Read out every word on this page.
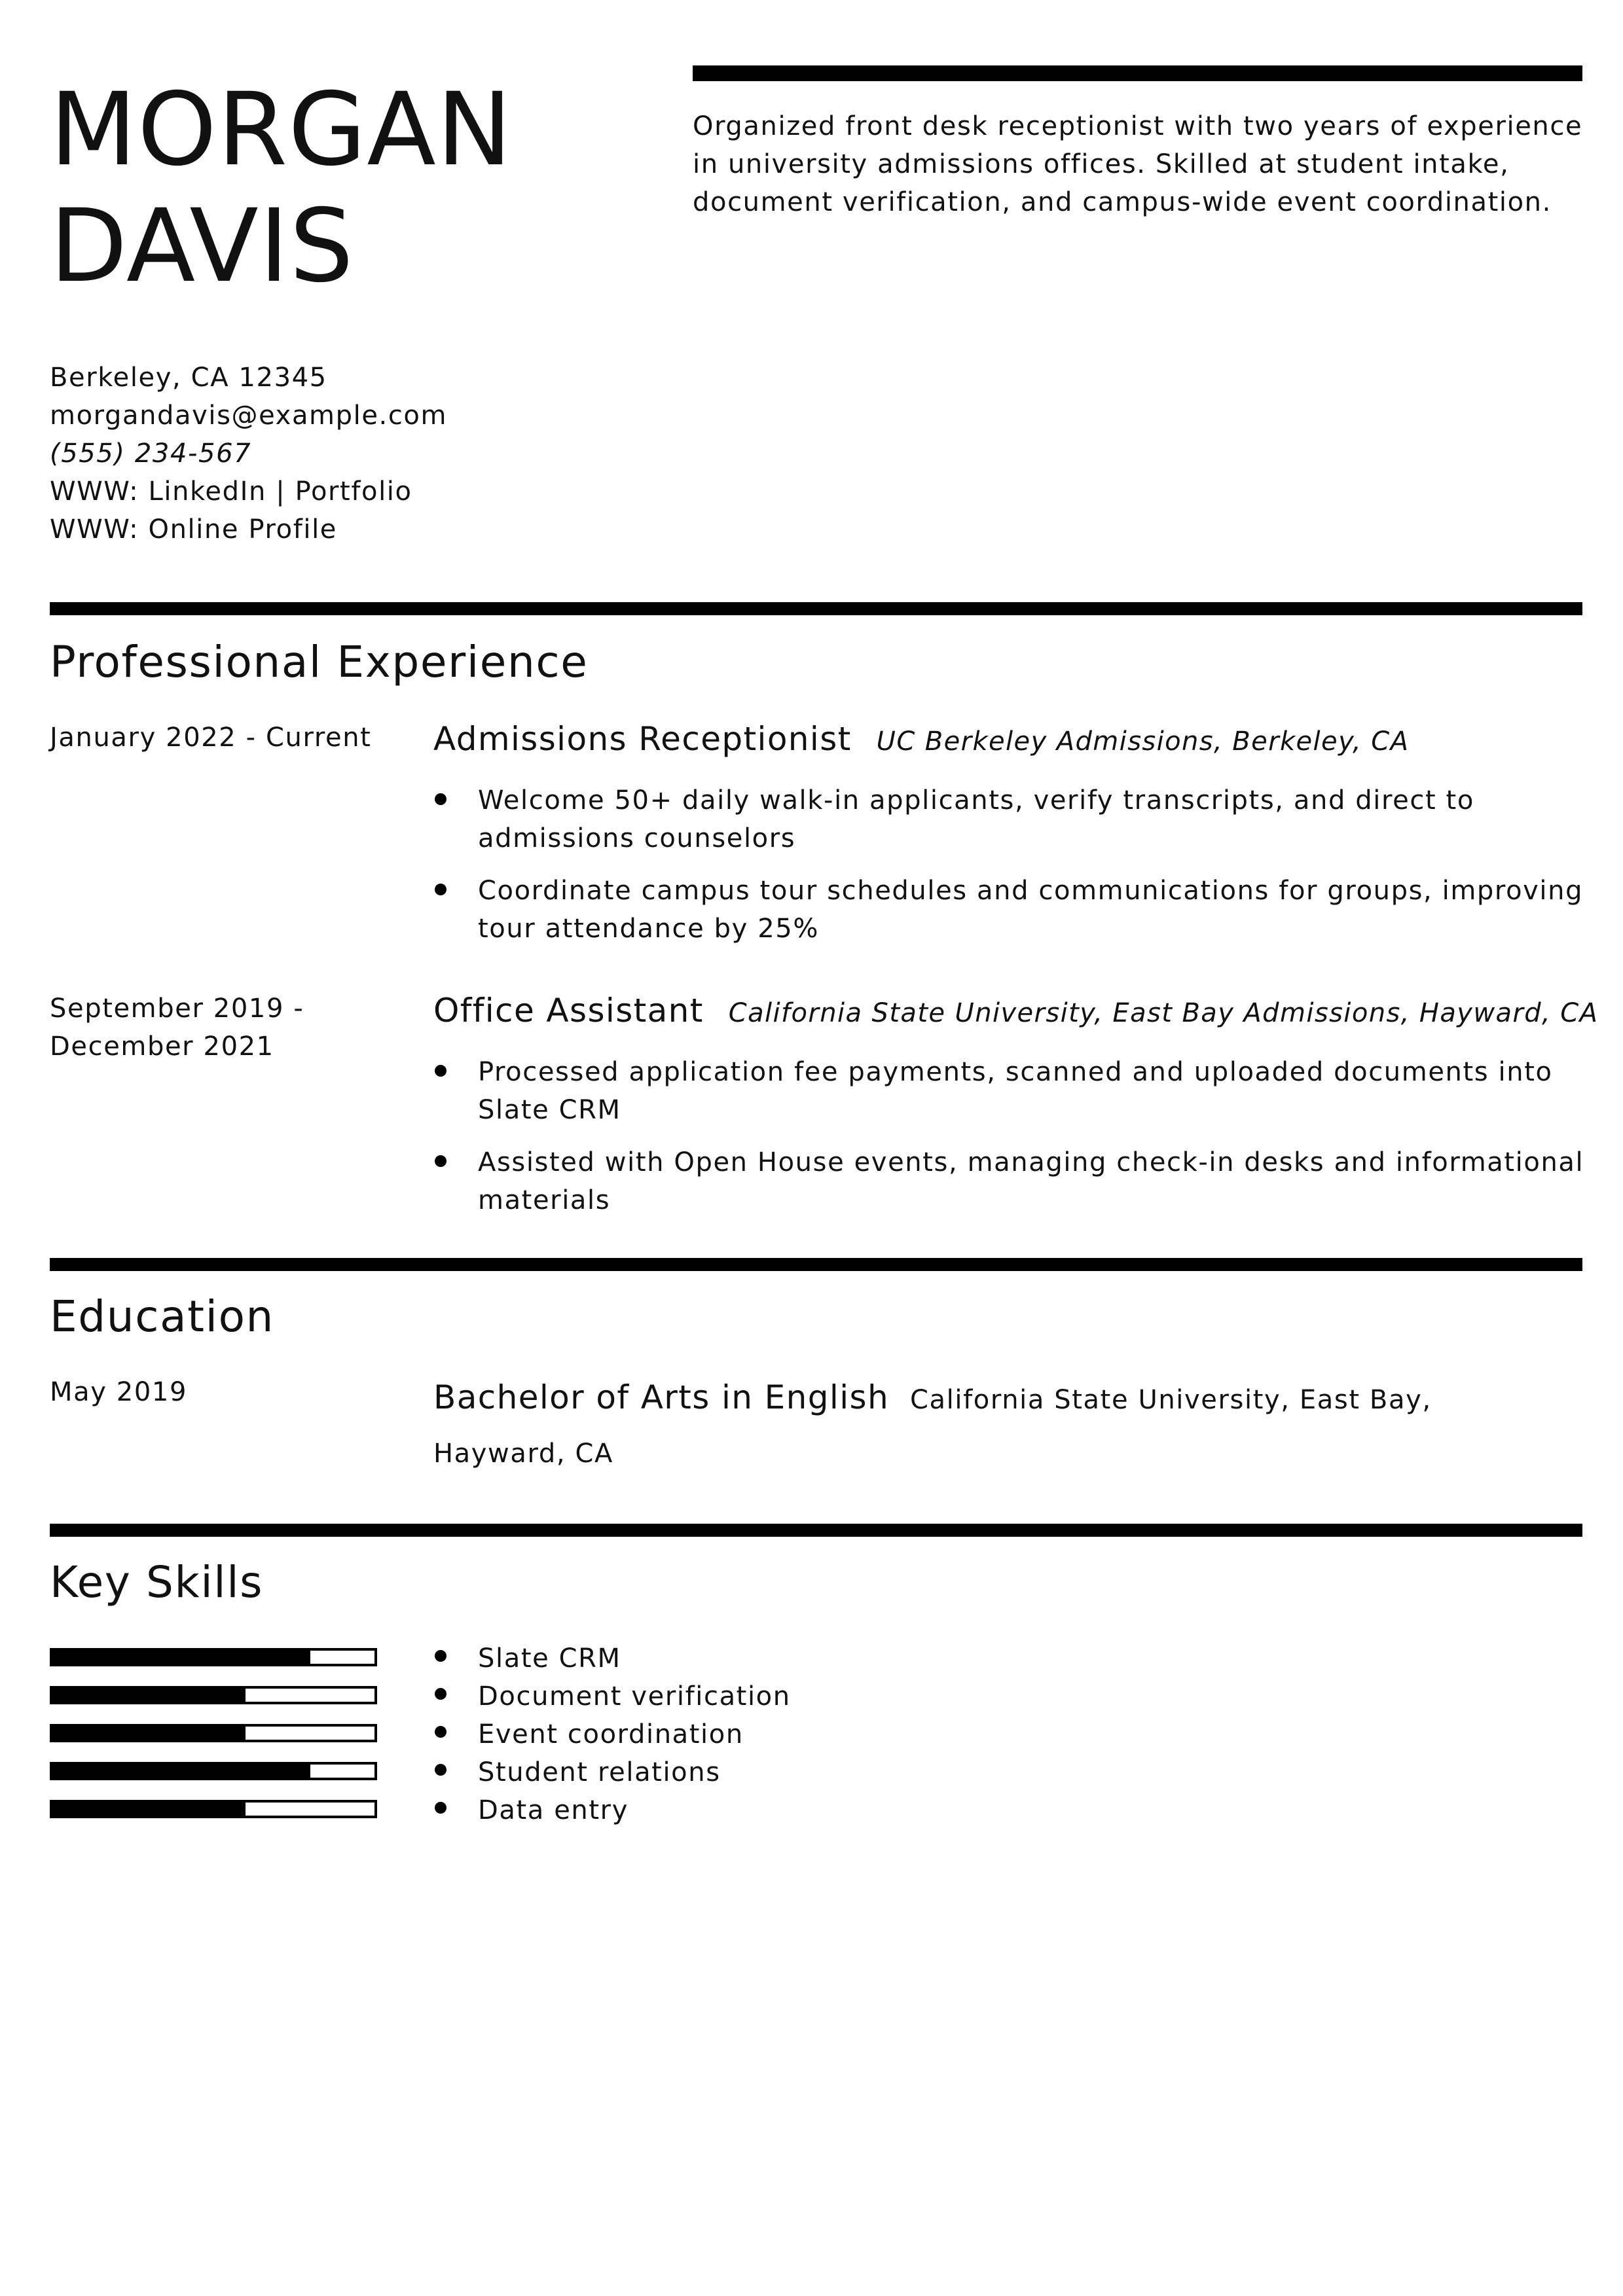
MORGAN
DAVIS
Organized front desk receptionist with two years of experience in university admissions offices. Skilled at student intake, document verification, and campus-wide event coordination.
Berkeley, CA 12345
morgandavis@example.com
(555) 234-567
WWW: LinkedIn | Portfolio
WWW: Online Profile
Professional Experience
January 2022 - Current Admissions Receptionist UC Berkeley Admissions, Berkeley, CA
Welcome 50+ daily walk-in applicants, verify transcripts, and direct to admissions counselors
Coordinate campus tour schedules and communications for groups, improving tour attendance by 25%
September 2019 -
December 2021
Office Assistant California State University, East Bay Admissions, Hayward, CA
Processed application fee payments, scanned and uploaded documents into Slate CRM
Assisted with Open House events, managing check-in desks and informational materials
Education
May 2019	Bachelor of Arts in English California State University, East Bay, Hayward, CA
Key Skills
Slate CRM
Document verification
Event coordination
Student relations
Data entry
